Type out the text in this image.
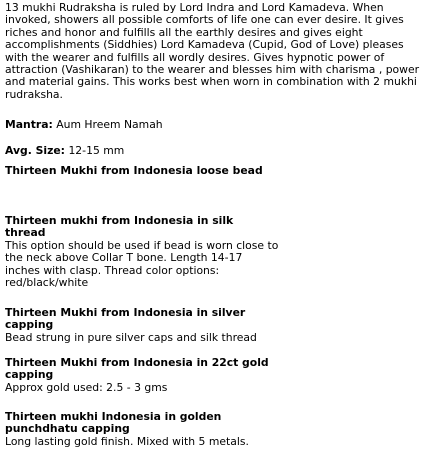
13 mukhi Rudraksha is ruled by Lord Indra and Lord Kamadeva. When invoked, showers all possible comforts of life one can ever desire. It gives riches and honor and fulfills all the earthly desires and gives eight accomplishments (Siddhies) Lord Kamadeva (Cupid, God of Love) pleases with the wearer and fulfills all wordly desires. Gives hypnotic power of attraction (Vashikaran) to the wearer and blesses him with charisma , power and material gains. This works best when worn in combination with 2 mukhi rudraksha.

Mantra: Aum Hreem Namah

Avg. Size: 12-15 mm

Thirteen Mukhi from Indonesia loose bead

Thirteen mukhi from Indonesia in silk thread

This option should be used if bead is worn close to the neck above Collar T bone. Length 14-17 inches with clasp. Thread color options: red/black/white

Thirteen Mukhi from Indonesia in silver capping

Bead strung in pure silver caps and silk thread

Thirteen Mukhi from Indonesia in 22ct gold capping

Approx gold used: 2.5 - 3 gms

Thirteen mukhi Indonesia in golden punchdhatu capping

Long lasting gold finish. Mixed with 5 metals.
